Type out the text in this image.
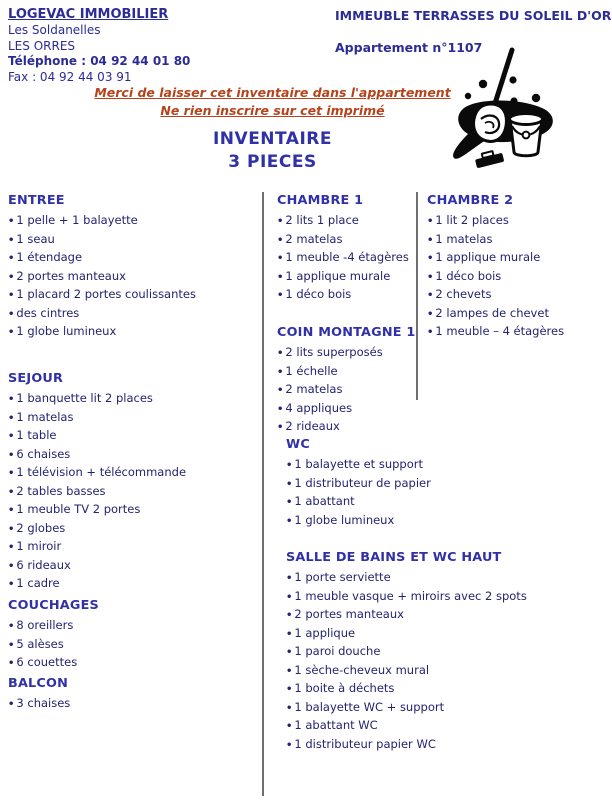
LOGEVAC IMMOBILIER
Les Soldanelles
LES ORRES
Téléphone : 04 92 44 01 80
Fax : 04 92 44 03 91
IMMEUBLE TERRASSES DU SOLEIL D'OR
Appartement n°1107
Merci de laisser cet inventaire dans l'appartement
Ne rien inscrire sur cet imprimé
INVENTAIRE
3 PIECES
ENTREE
• 1 pelle + 1 balayette
• 1 seau
• 1 étendage
• 2 portes manteaux
• 1 placard 2 portes coulissantes
• des cintres
• 1 globe lumineux
SEJOUR
• 1 banquette lit 2 places
• 1 matelas
• 1 table
• 6 chaises
• 1 télévision + télécommande
• 2 tables basses
• 1 meuble TV 2 portes
• 2 globes
• 1 miroir
• 6 rideaux
• 1 cadre
COUCHAGES
• 8 oreillers
• 5 alèses
• 6 couettes
BALCON
• 3 chaises
CHAMBRE 1
• 2 lits 1 place
• 2 matelas
• 1 meuble -4 étagères
• 1 applique murale
• 1 déco bois
COIN MONTAGNE 1
• 2 lits superposés
• 1 échelle
• 2 matelas
• 4 appliques
• 2 rideaux
WC
• 1 balayette et support
• 1 distributeur de papier
• 1 abattant
• 1 globe lumineux
SALLE DE BAINS ET WC HAUT
• 1 porte serviette
• 1 meuble vasque + miroirs avec 2 spots
• 2 portes manteaux
• 1 applique
• 1 paroi douche
• 1 sèche-cheveux mural
• 1 boite à déchets
• 1 balayette WC + support
• 1 abattant WC
• 1 distributeur papier WC
CHAMBRE 2
• 1 lit 2 places
• 1 matelas
• 1 applique murale
• 1 déco bois
• 2 chevets
• 2 lampes de chevet
• 1 meuble – 4 étagères
